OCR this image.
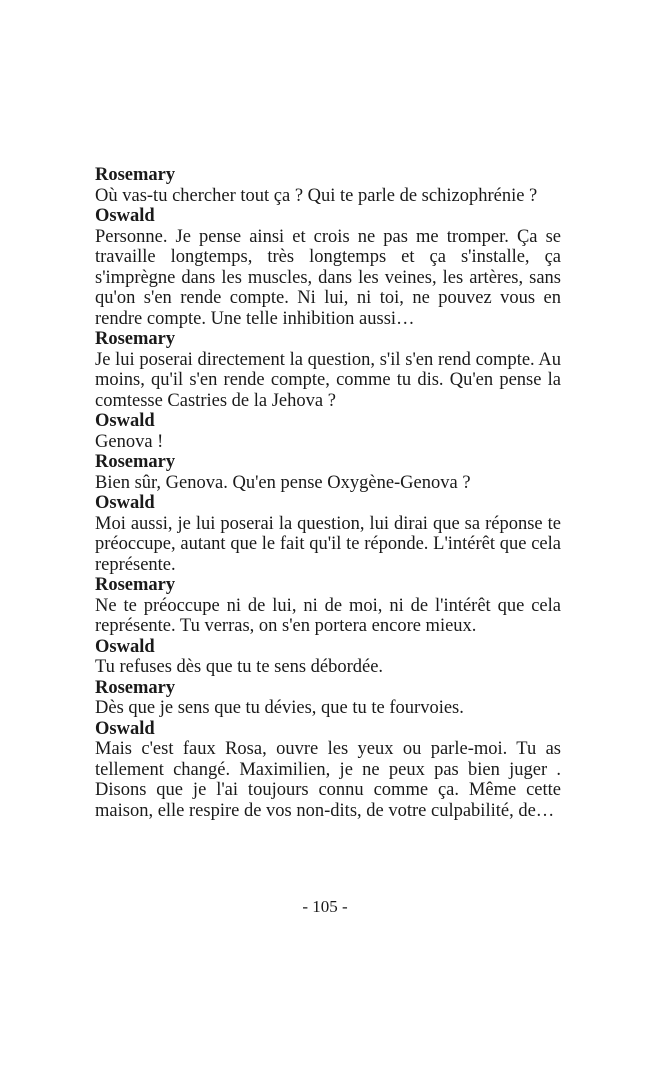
Rosemary

Où vas-tu chercher tout ça ? Qui te parle de schizophrénie ?

Oswald

Personne. Je pense ainsi et crois ne pas me tromper. Ça se travaille longtemps, très longtemps et ça s'installe, ça s'imprègne dans les muscles, dans les veines, les artères, sans qu'on s'en rende compte. Ni lui, ni toi, ne pouvez vous en rendre compte. Une telle inhibition aussi…

Rosemary

Je lui poserai directement la question, s'il s'en rend compte. Au moins, qu'il s'en rende compte, comme tu dis. Qu'en pense la comtesse Castries de la Jehova ?

Oswald

Genova !

Rosemary

Bien sûr, Genova. Qu'en pense Oxygène-Genova ?

Oswald

Moi aussi, je lui poserai la question, lui dirai que sa réponse te préoccupe, autant que le fait qu'il te réponde. L'intérêt que cela représente.

Rosemary

Ne te préoccupe ni de lui, ni de moi, ni de l'intérêt que cela représente. Tu verras, on s'en portera encore mieux.

Oswald

Tu refuses dès que tu te sens débordée.

Rosemary

Dès que je sens que tu dévies, que tu te fourvoies.

Oswald

Mais c'est faux Rosa, ouvre les yeux ou parle-moi. Tu as tellement changé. Maximilien, je ne peux pas bien juger . Disons que je l'ai toujours connu comme ça. Même cette maison, elle respire de vos non-dits, de votre culpabilité, de…

- 105 -
